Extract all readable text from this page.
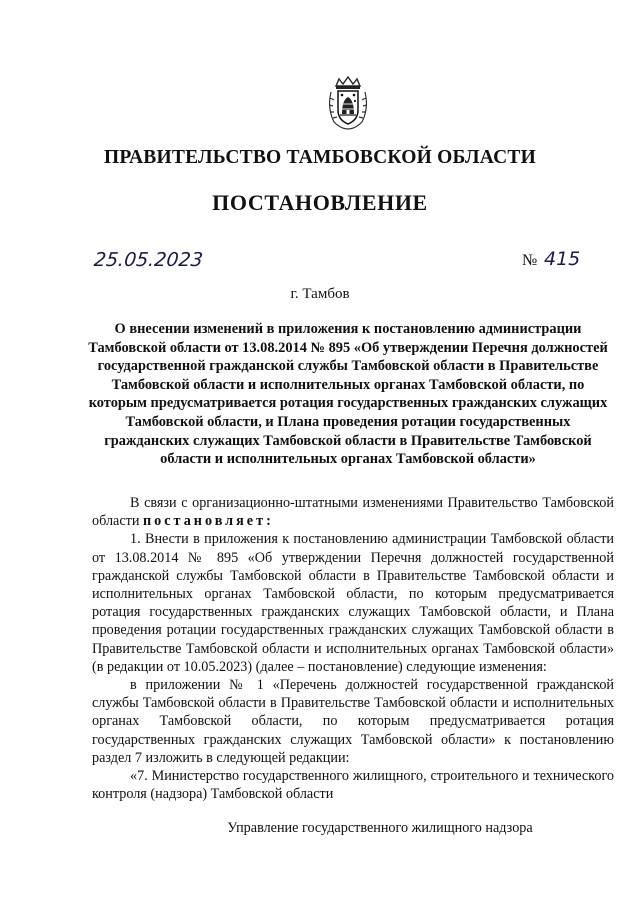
ПРАВИТЕЛЬСТВО ТАМБОВСКОЙ ОБЛАСТИ
ПОСТАНОВЛЕНИЕ
25.05.2023	№ 415
г. Тамбов
О внесении изменений в приложения к постановлению администрации Тамбовской области от 13.08.2014 № 895 «Об утверждении Перечня должностей государственной гражданской службы Тамбовской области в Правительстве Тамбовской области и исполнительных органах Тамбовской области, по которым предусматривается ротация государственных гражданских служащих Тамбовской области, и Плана проведения ротации государственных гражданских служащих Тамбовской области в Правительстве Тамбовской области и исполнительных органах Тамбовской области»

В связи с организационно-штатными изменениями Правительство Тамбовской области постановляет:

1. Внести в приложения к постановлению администрации Тамбовской области от 13.08.2014 № 895 «Об утверждении Перечня должностей государственной гражданской службы Тамбовской области в Правительстве Тамбовской области и исполнительных органах Тамбовской области, по которым предусматривается ротация государственных гражданских служащих Тамбовской области, и Плана проведения ротации государственных гражданских служащих Тамбовской области в Правительстве Тамбовской области и исполнительных органах Тамбовской области» (в редакции от 10.05.2023) (далее – постановление) следующие изменения:

в приложении № 1 «Перечень должностей государственной гражданской службы Тамбовской области в Правительстве Тамбовской области и исполнительных органах Тамбовской области, по которым предусматривается ротация государственных гражданских служащих Тамбовской области» к постановлению раздел 7 изложить в следующей редакции:

«7. Министерство государственного жилищного, строительного и технического контроля (надзора) Тамбовской области

Управление государственного жилищного надзора
